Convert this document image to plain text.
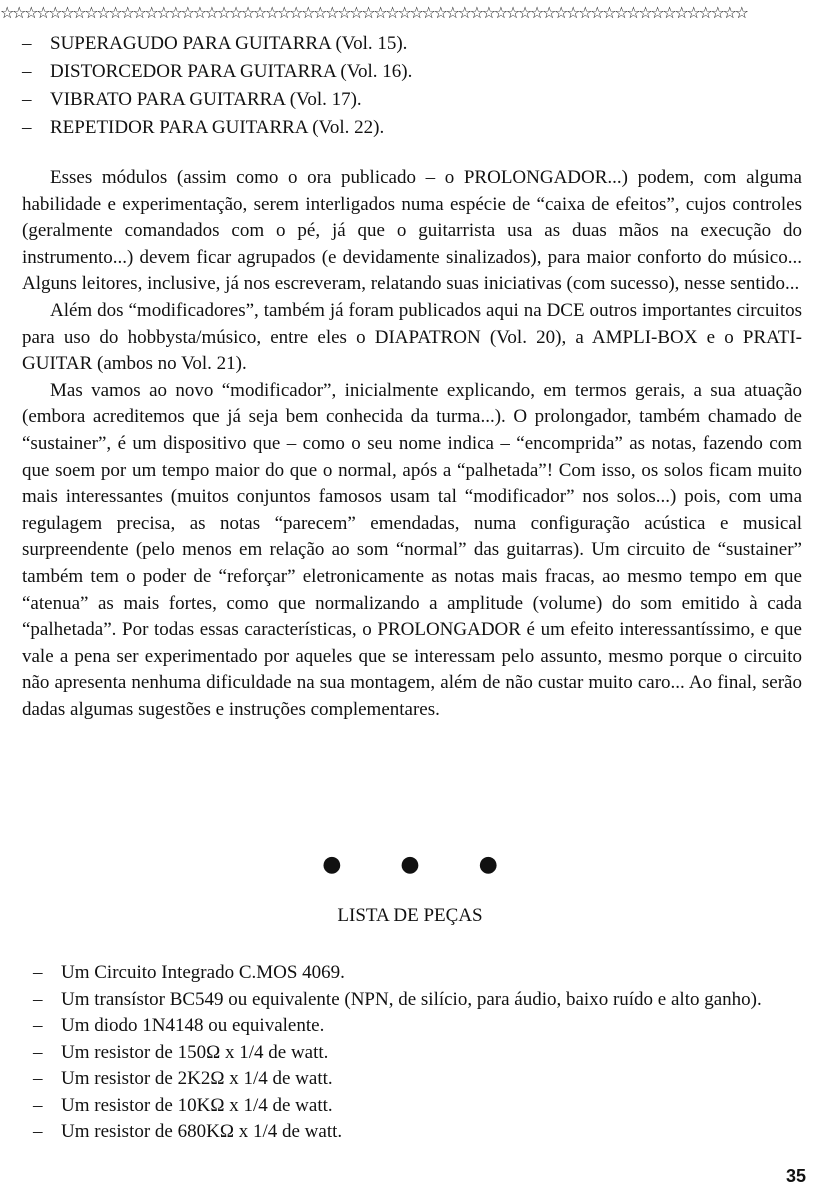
☆☆☆☆☆☆☆☆☆☆☆☆☆☆☆☆☆☆☆☆☆☆☆☆☆☆☆☆☆☆☆☆☆☆☆☆☆☆☆☆☆☆☆☆☆☆☆☆☆☆☆☆☆☆☆☆☆☆☆☆☆☆
– SUPERAGUDO PARA GUITARRA (Vol. 15).
– DISTORCEDOR PARA GUITARRA (Vol. 16).
– VIBRATO PARA GUITARRA (Vol. 17).
– REPETIDOR PARA GUITARRA (Vol. 22).

Esses módulos (assim como o ora publicado – o PROLONGADOR...) podem, com alguma habilidade e experimentação, serem interligados numa espécie de “caixa de efeitos”, cujos controles (geralmente comandados com o pé, já que o guitarrista usa as duas mãos na execução do instrumento...) devem ficar agrupados (e devidamente sinalizados), para maior conforto do músico... Alguns leitores, inclusive, já nos escreveram, relatando suas iniciativas (com sucesso), nesse sentido...

Além dos “modificadores”, também já foram publicados aqui na DCE outros importantes circuitos para uso do hobbysta/músico, entre eles o DIAPATRON (Vol. 20), a AMPLI-BOX e o PRATI-GUITAR (ambos no Vol. 21).

Mas vamos ao novo “modificador”, inicialmente explicando, em termos gerais, a sua atuação (embora acreditemos que já seja bem conhecida da turma...). O prolongador, também chamado de “sustainer”, é um dispositivo que – como o seu nome indica – “encomprida” as notas, fazendo com que soem por um tempo maior do que o normal, após a “palhetada”! Com isso, os solos ficam muito mais interessantes (muitos conjuntos famosos usam tal “modificador” nos solos...) pois, com uma regulagem precisa, as notas “parecem” emendadas, numa configuração acústica e musical surpreendente (pelo menos em relação ao som “normal” das guitarras). Um circuito de “sustainer” também tem o poder de “reforçar” eletronicamente as notas mais fracas, ao mesmo tempo em que “atenua” as mais fortes, como que normalizando a amplitude (volume) do som emitido à cada “palhetada”. Por todas essas características, o PROLONGADOR é um efeito interessantíssimo, e que vale a pena ser experimentado por aqueles que se interessam pelo assunto, mesmo porque o circuito não apresenta nenhuma dificuldade na sua montagem, além de não custar muito caro... Ao final, serão dadas algumas sugestões e instruções complementares.

●	●	●
LISTA DE PEÇAS
– Um Circuito Integrado C.MOS 4069.
– Um transístor BC549 ou equivalente (NPN, de silício, para áudio, baixo ruído e alto ganho).
– Um diodo 1N4148 ou equivalente.
– Um resistor de 150Ω x 1/4 de watt.
– Um resistor de 2K2Ω x 1/4 de watt.
– Um resistor de 10KΩ x 1/4 de watt.
– Um resistor de 680KΩ x 1/4 de watt.
35
